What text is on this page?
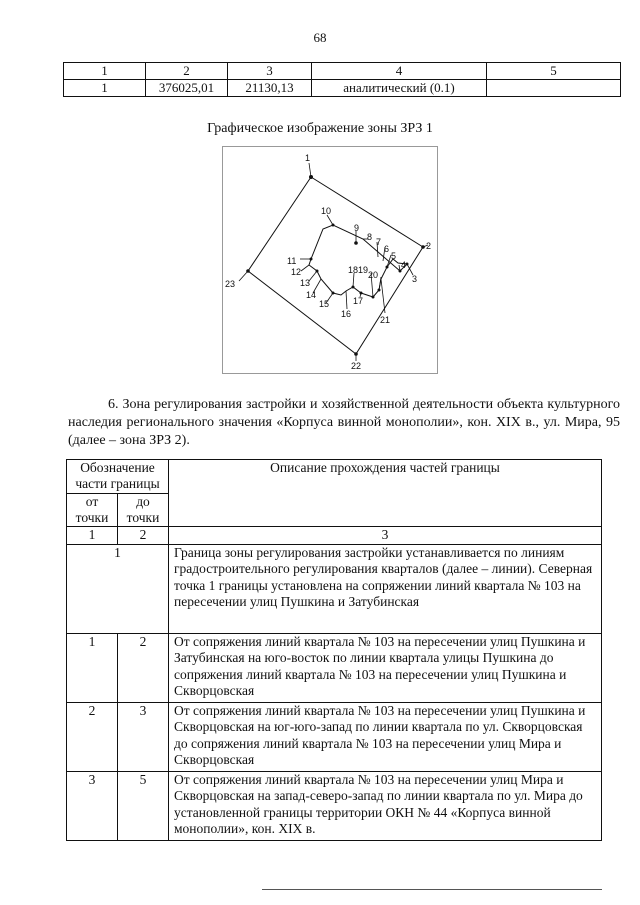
68
1	2	3	4	5
1	376025,01	21130,13	аналитический (0.1)	
Графическое изображение зоны ЗРЗ 1
1
2
3
4
5
6
7
8
9
10
11
12
13
14
15
16
17
18 19 20
21
22
23
6. Зона регулирования застройки и хозяйственной деятельности объекта культурного наследия регионального значения «Корпуса винной монополии», кон. XIX в., ул. Мира, 95 (далее – зона ЗРЗ 2).
Обозначение части границы		Описание прохождения частей границы
от точки	до точки	
1	2	3
1		Граница зоны регулирования застройки устанавливается по линиям градостроительного регулирования кварталов (далее – линии). Северная точка 1 границы установлена на сопряжении линий квартала № 103 на пересечении улиц Пушкина и Затубинская
1	2	От сопряжения линий квартала № 103 на пересечении улиц Пушкина и Затубинская на юго-восток по линии квартала улицы Пушкина до сопряжения линий квартала № 103 на пересечении улиц Пушкина и Скворцовская
2	3	От сопряжения линий квартала № 103 на пересечении улиц Пушкина и Скворцовская на юг-юго-запад по линии квартала по ул. Скворцовская до сопряжения линий квартала № 103 на пересечении улиц Мира и Скворцовская
3	5	От сопряжения линий квартала № 103 на пересечении улиц Мира и Скворцовская на запад-северо-запад по линии квартала по ул. Мира до установленной границы территории ОКН № 44 «Корпуса винной монополии», кон. XIX в.
